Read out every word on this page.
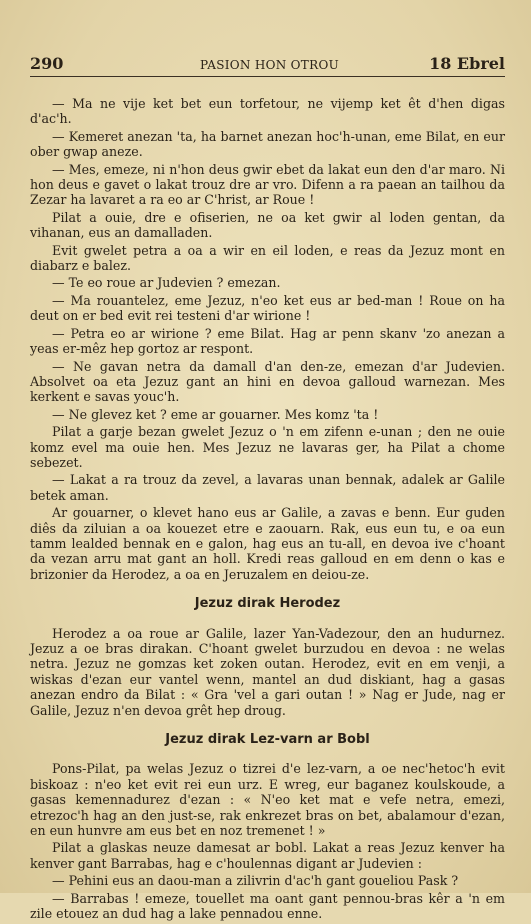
290	PASION HON OTROU	18 Ebrel

— Ma ne vije ket bet eun torfetour, ne vijemp ket êt d'hen digas d'ac'h.

— Kemeret anezan 'ta, ha barnet anezan hoc'h-unan, eme Bilat, en eur ober gwap aneze.

— Mes, emeze, ni n'hon deus gwir ebet da lakat eun den d'ar maro. Ni hon deus e gavet o lakat trouz dre ar vro. Difenn a ra paean an tailhou da Zezar ha lavaret a ra eo ar C'hrist, ar Roue !

Pilat a ouie, dre e ofiserien, ne oa ket gwir al loden gentan, da vihanan, eus an damalladen.

Evit gwelet petra a oa a wir en eil loden, e reas da Jezuz mont en diabarz e balez.

— Te eo roue ar Judevien ? emezan.

— Ma rouantelez, eme Jezuz, n'eo ket eus ar bed-man ! Roue on ha deut on er bed evit rei testeni d'ar wirione !

— Petra eo ar wirione ? eme Bilat. Hag ar penn skanv 'zo anezan a yeas er-mêz hep gortoz ar respont.

— Ne gavan netra da damall d'an den-ze, emezan d'ar Judevien. Absolvet oa eta Jezuz gant an hini en devoa galloud warnezan. Mes kerkent e savas youc'h.

— Ne glevez ket ? eme ar gouarner. Mes komz 'ta !

Pilat a garje bezan gwelet Jezuz o 'n em zifenn e-unan ; den ne ouie komz evel ma ouie hen. Mes Jezuz ne lavaras ger, ha Pilat a chome sebezet.

— Lakat a ra trouz da zevel, a lavaras unan bennak, adalek ar Galile betek aman.

Ar gouarner, o klevet hano eus ar Galile, a zavas e benn. Eur guden diês da ziluian a oa kouezet etre e zaouarn. Rak, eus eun tu, e oa eun tamm lealded bennak en e galon, hag eus an tu-all, en devoa ive c'hoant da vezan arru mat gant an holl. Kredi reas galloud en em denn o kas e brizonier da Herodez, a oa en Jeruzalem en deiou-ze.

Jezuz dirak Herodez

Herodez a oa roue ar Galile, lazer Yan-Vadezour, den an hudurnez. Jezuz a oe bras dirakan. C'hoant gwelet burzudou en devoa : ne welas netra. Jezuz ne gomzas ket zoken outan. Herodez, evit en em venji, a wiskas d'ezan eur vantel wenn, mantel an dud diskiant, hag a gasas anezan endro da Bilat : « Gra 'vel a gari outan ! » Nag er Jude, nag er Galile, Jezuz n'en devoa grêt hep droug.

Jezuz dirak Lez-varn ar Bobl

Pons-Pilat, pa welas Jezuz o tizrei d'e lez-varn, a oe nec'hetoc'h evit biskoaz : n'eo ket evit rei eun urz. E wreg, eur baganez koulskoude, a gasas kemennadurez d'ezan : « N'eo ket mat e vefe netra, emezi, etrezoc'h hag an den just-se, rak enkrezet bras on bet, abalamour d'ezan, en eun hunvre am eus bet en noz tremenet ! »

Pilat a glaskas neuze damesat ar bobl. Lakat a reas Jezuz kenver ha kenver gant Barrabas, hag e c'houlennas digant ar Judevien :

— Pehini eus an daou-man a zilivrin d'ac'h gant goueliou Pask ?

— Barrabas ! emeze, touellet ma oant gant pennou-bras kêr a 'n em zile etouez an dud hag a lake pennadou enne.
